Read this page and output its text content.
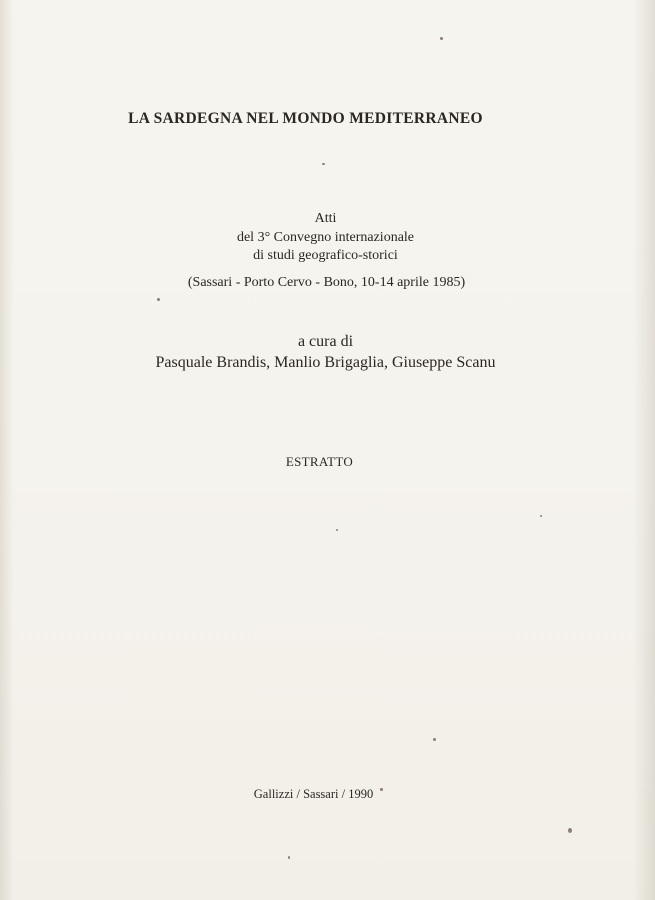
LA SARDEGNA NEL MONDO MEDITERRANEO
Atti
del 3° Convegno internazionale
di studi geografico-storici
(Sassari - Porto Cervo - Bono, 10-14 aprile 1985)
a cura di
Pasquale Brandis, Manlio Brigaglia, Giuseppe Scanu
ESTRATTO
Gallizzi / Sassari / 1990
